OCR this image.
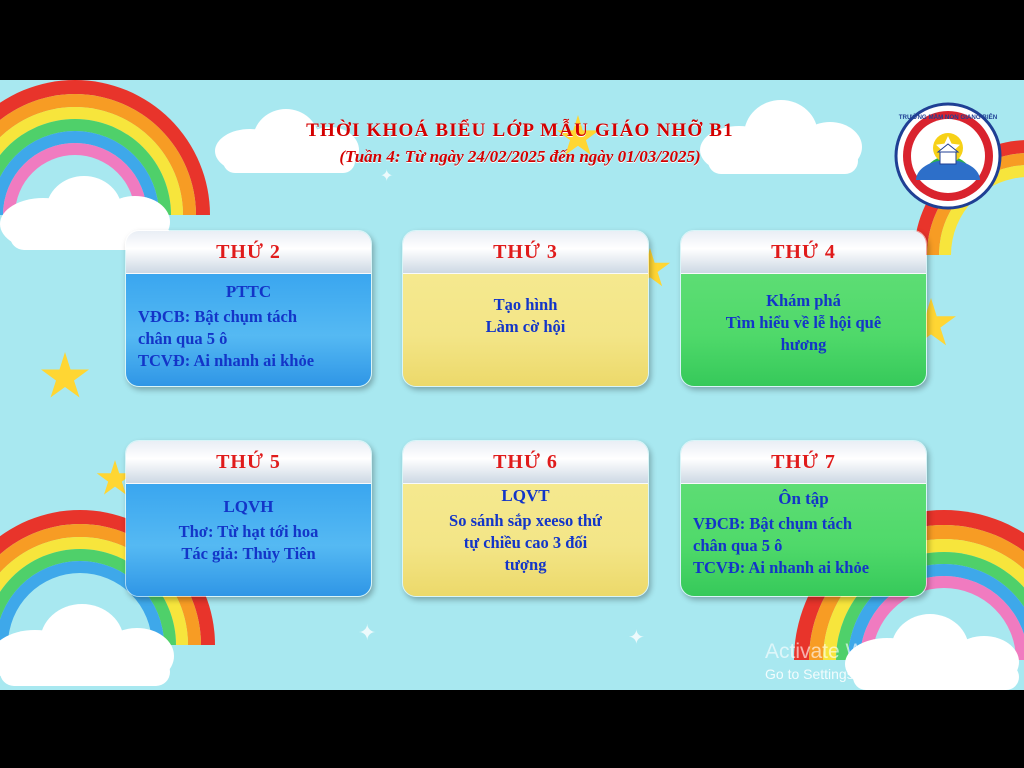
✦	✦
✦
THỜI KHOÁ BIỂU LỚP MẪU GIÁO NHỠ B1
(Tuần 4: Từ ngày 24/02/2025 đến ngày 01/03/2025)
TRƯỜNG MẦM NON GIANG BIÊN
THỨ 2
PTTC

VĐCB: Bật chụm tách

chân qua 5 ô

TCVĐ: Ai nhanh ai khỏe

THỨ 3

Tạo hình

Làm cờ hội

THỨ 4

Khám phá

Tìm hiểu về lễ hội quê

hương

THỨ 5
LQVH

Thơ: Từ hạt tới hoa

Tác giả: Thủy Tiên

THỨ 6
LQVT

So sánh sắp xeeso thứ

tự chiều cao 3 đối

tượng

THỨ 7
Ôn tập

VĐCB: Bật chụm tách

chân qua 5 ô

TCVĐ: Ai nhanh ai khỏe

Activate Windows
Go to Settings to activate Windows.
